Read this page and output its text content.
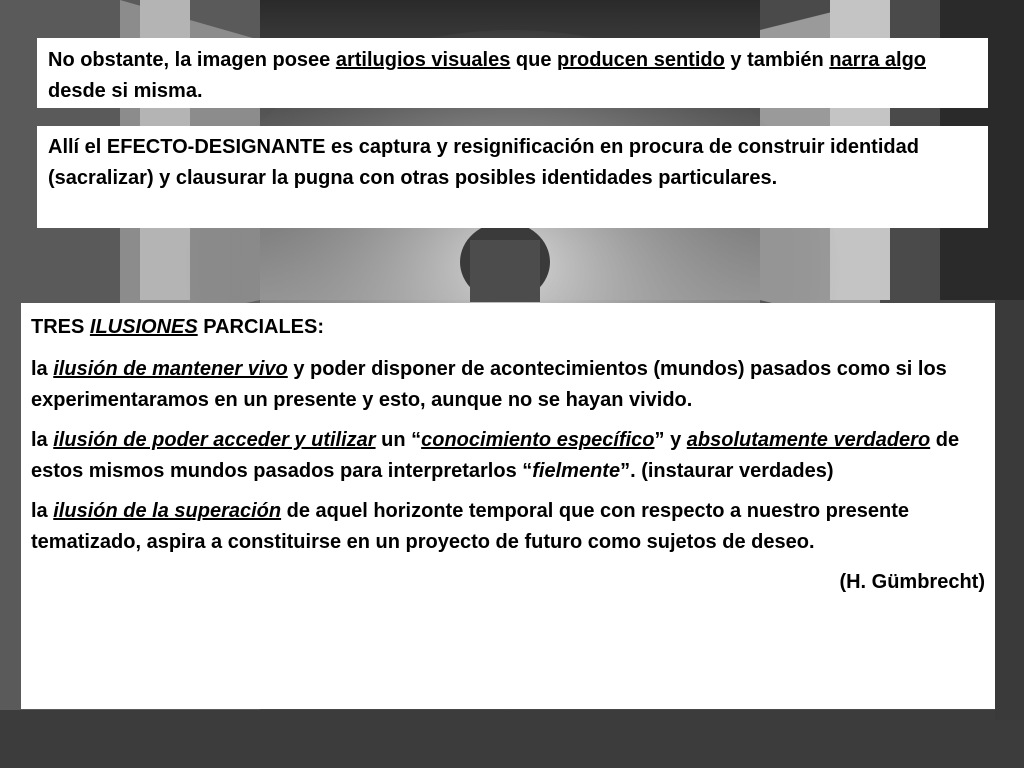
No obstante, la imagen posee artilugios visuales que producen sentido y también narra algo desde si misma.
Allí el EFECTO-DESIGNANTE es captura y resignificación en procura de construir identidad (sacralizar) y clausurar la pugna con otras posibles identidades particulares.

TRES ILUSIONES PARCIALES:

la ilusión de mantener vivo y poder disponer de acontecimientos (mundos) pasados como si los experimentaramos en un presente y esto, aunque no se hayan vivido.

la ilusión de poder acceder y utilizar un “conocimiento específico” y absolutamente verdadero de estos mismos mundos pasados para interpretarlos “fielmente”. (instaurar verdades)

la ilusión de la superación de aquel horizonte temporal que con respecto a nuestro presente tematizado, aspira a constituirse en un proyecto de futuro como sujetos de deseo.

(H. Gümbrecht)
